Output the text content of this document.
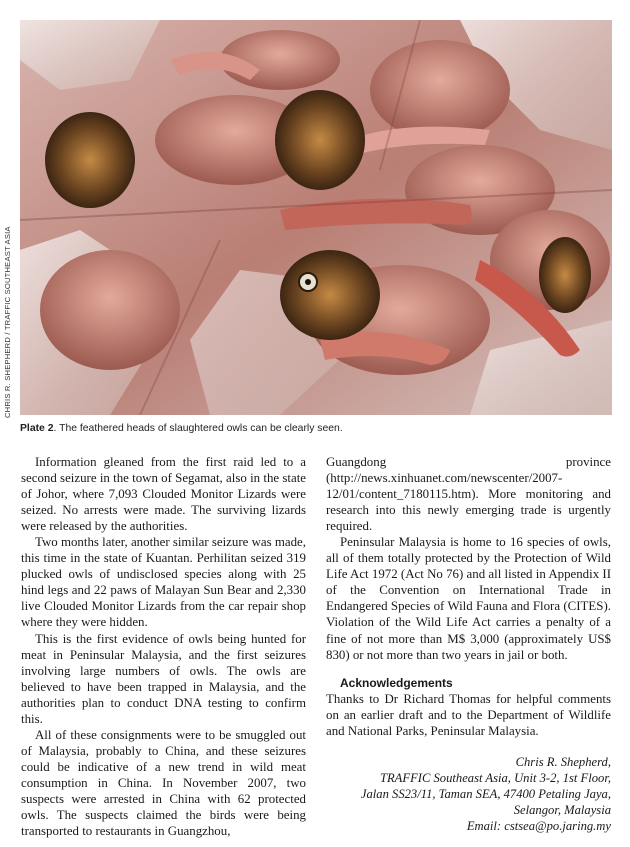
CHRIS R. SHEPHERD / TRAFFIC SOUTHEAST ASIA
Plate 2. The feathered heads of slaughtered owls can be clearly seen.

Information gleaned from the first raid led to a second seizure in the town of Segamat, also in the state of Johor, where 7,093 Clouded Monitor Lizards were seized. No arrests were made. The surviving lizards were released by the authorities.

Two months later, another similar seizure was made, this time in the state of Kuantan. Perhilitan seized 319 plucked owls of undisclosed species along with 25 hind legs and 22 paws of Malayan Sun Bear and 2,330 live Clouded Monitor Lizards from the car repair shop where they were hidden.

This is the first evidence of owls being hunted for meat in Peninsular Malaysia, and the first seizures involving large numbers of owls. The owls are believed to have been trapped in Malaysia, and the authorities plan to conduct DNA testing to confirm this.

All of these consignments were to be smuggled out of Malaysia, probably to China, and these seizures could be indicative of a new trend in wild meat consumption in China. In November 2007, two suspects were arrested in China with 62 protected owls. The suspects claimed the birds were being transported to restaurants in Guangzhou,

Guangdong province (http://news.xinhuanet.com/newscenter/2007-12/01/content_7180115.htm). More monitoring and research into this newly emerging trade is urgently required.

Peninsular Malaysia is home to 16 species of owls, all of them totally protected by the Protection of Wild Life Act 1972 (Act No 76) and all listed in Appendix II of the Convention on International Trade in Endangered Species of Wild Fauna and Flora (CITES). Violation of the Wild Life Act carries a penalty of a fine of not more than M$ 3,000 (approximately US$ 830) or not more than two years in jail or both.

Acknowledgements

Thanks to Dr Richard Thomas for helpful comments on an earlier draft and to the Department of Wildlife and National Parks, Peninsular Malaysia.

Chris R. Shepherd,
TRAFFIC Southeast Asia, Unit 3-2, 1st Floor,
Jalan SS23/11, Taman SEA, 47400 Petaling Jaya,
Selangor, Malaysia
Email: cstsea@po.jaring.my
